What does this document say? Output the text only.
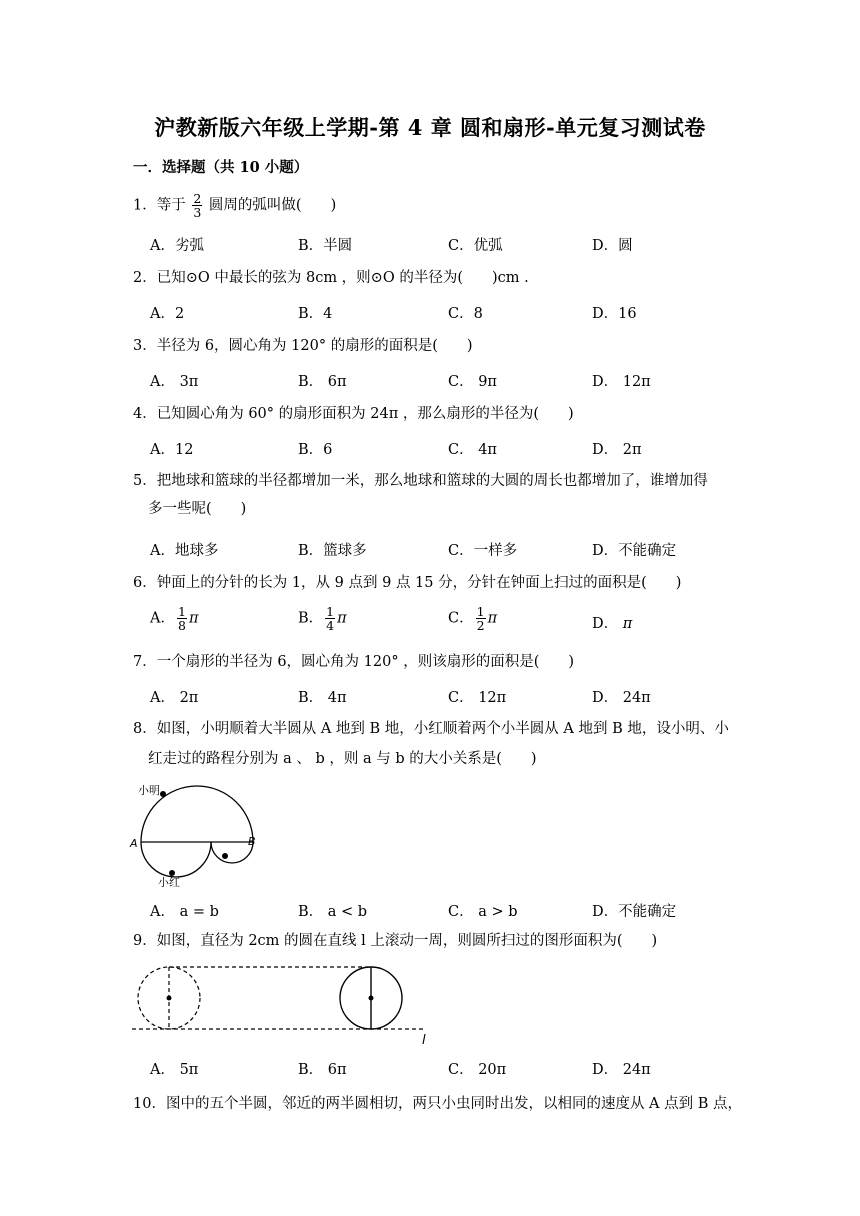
沪教新版六年级上学期-第 4 章 圆和扇形-单元复习测试卷
一．选择题（共 10 小题）
1．等于 $\frac{2}{3}$ 圆周的弧叫做(　　)
A．劣弧	B．半圆	C．优弧	D．圆
2．已知⊙O 中最长的弦为 8cm ，则⊙O 的半径为(　　)cm .
A．2	B．4	C．8	D．16
3．半径为 6，圆心角为 120° 的扇形的面积是(　　)
A． 3π	B． 6π	C． 9π	D． 12π
4．已知圆心角为 60° 的扇形面积为 24π ，那么扇形的半径为(　　)
A．12	B．6	C． 4π	D． 2π
5．把地球和篮球的半径都增加一米，那么地球和篮球的大圆的周长也都增加了，谁增加得
多一些呢(　　)
A．地球多	B．篮球多	C．一样多	D．不能确定
6．钟面上的分针的长为 1，从 9 点到 9 点 15 分，分针在钟面上扫过的面积是(　　)
A． $\frac{1}{8}$ π	B． $\frac{1}{4}$ π	C． $\frac{1}{2}$ π	D． π
7．一个扇形的半径为 6，圆心角为 120° ，则该扇形的面积是(　　)
A． 2π	B． 4π	C． 12π	D． 24π
8．如图，小明顺着大半圆从 A 地到 B 地，小红顺着两个小半圆从 A 地到 B 地，设小明、小
红走过的路程分别为 a 、 b ，则 a 与 b 的大小关系是(　　)
小明
小红
A	B
A． a = b	B． a < b	C． a > b	D．不能确定
9．如图，直径为 2cm 的圆在直线 l 上滚动一周，则圆所扫过的图形面积为(　　)
l
A． 5π	B． 6π	C． 20π	D． 24π
10．图中的五个半圆，邻近的两半圆相切，两只小虫同时出发，以相同的速度从 A 点到 B 点，
